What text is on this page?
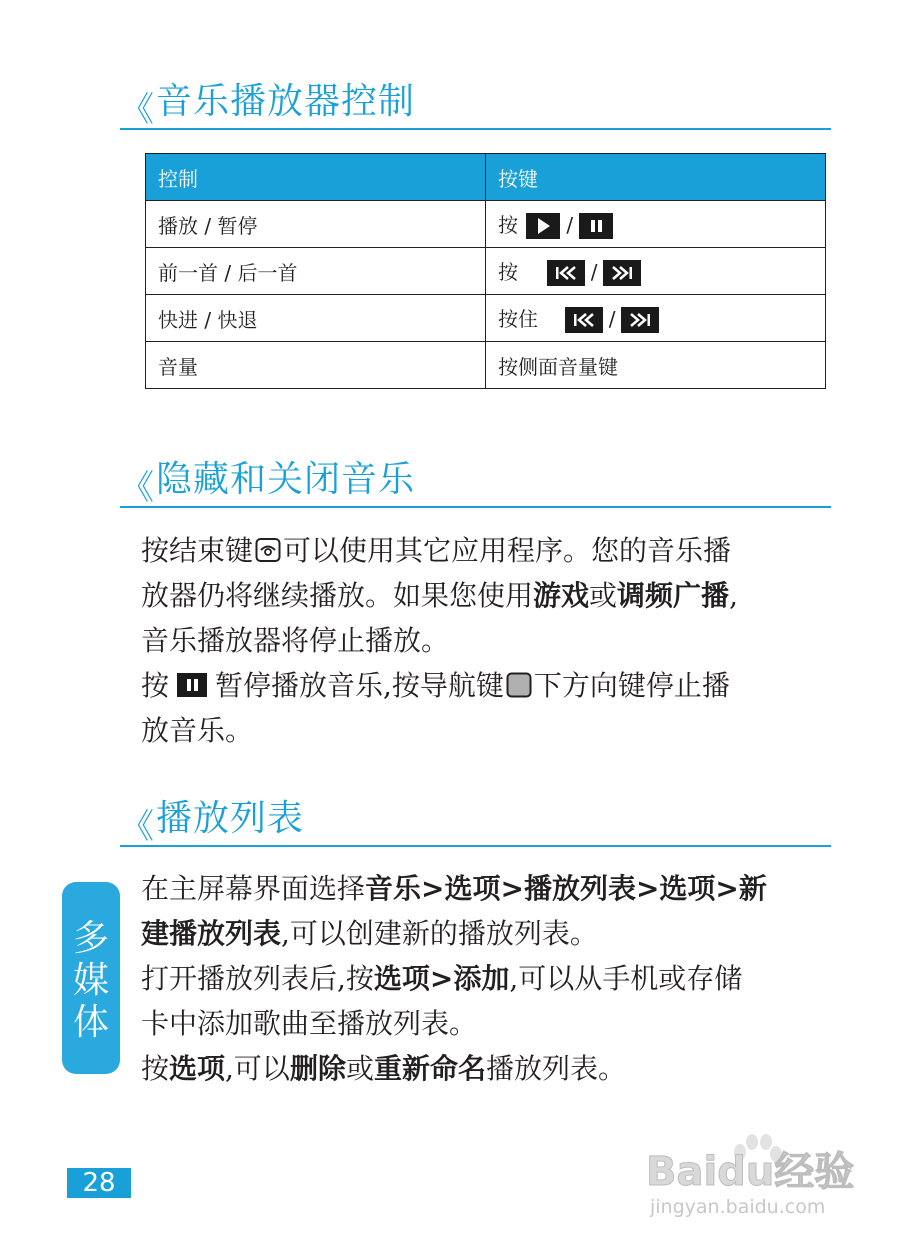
《 音乐播放器控制
控制	按键
播放 / 暂停	按 /

前一首 / 后一首	按 /

快进 / 快退	按住 /

音量	按侧面音量键
《 隐藏和关闭音乐
按结束键 可以使用其它应用程序。您的音乐播
放器仍将继续播放。如果您使用游戏或调频广播,
音乐播放器将停止播放。
按 暂停播放音乐,按导航键 下方向键停止播
放音乐。
《 播放列表
在主屏幕界面选择音乐>选项>播放列表>选项>新
建播放列表,可以创建新的播放列表。
打开播放列表后,按选项>添加,可以从手机或存储
卡中添加歌曲至播放列表。
按选项,可以删除或重新命名播放列表。
多媒体
28	Baidu经验
jingyan.baidu.com
